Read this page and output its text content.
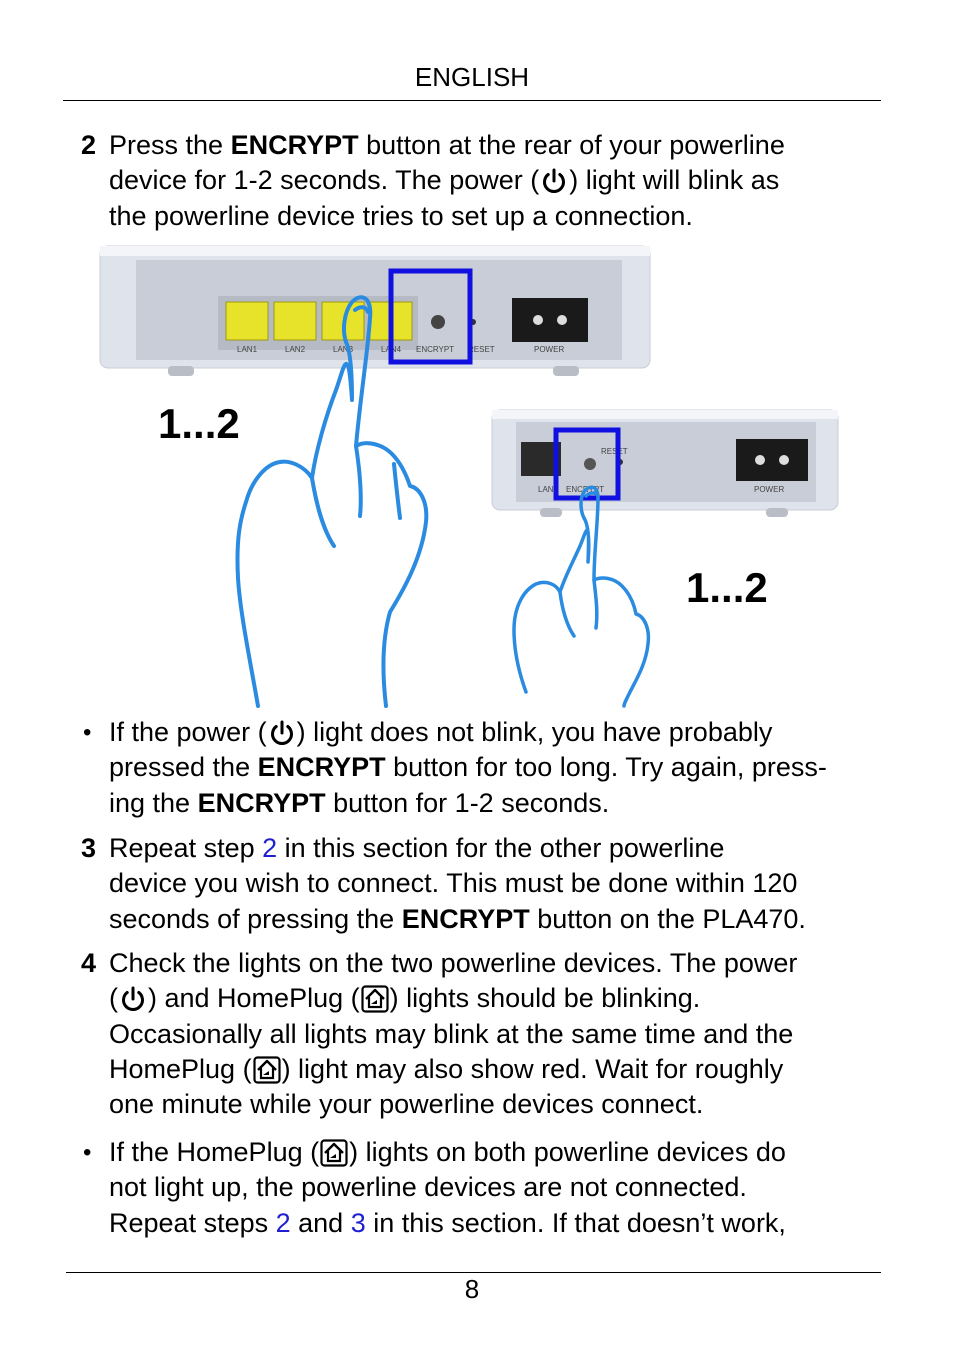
ENGLISH
2 Press the ENCRYPT button at the rear of your powerline
device for 1-2 seconds. The power ( ) light will blink as
the powerline device tries to set up a connection.
LAN1	LAN2	LAN3	LAN4 ENCRYPT RESET	POWER
LAN ENCRYPT
RESET
POWER
1...2
1...2
• If the power ( ) light does not blink, you have probably
pressed the ENCRYPT button for too long. Try again, press-
ing the ENCRYPT button for 1-2 seconds.
3 Repeat step 2 in this section for the other powerline
device you wish to connect. This must be done within 120
seconds of pressing the ENCRYPT button on the PLA470.
4 Check the lights on the two powerline devices. The power
( ) and HomePlug ( ) lights should be blinking.
Occasionally all lights may blink at the same time and the
HomePlug ( ) light may also show red. Wait for roughly
one minute while your powerline devices connect.
• If the HomePlug ( ) lights on both powerline devices do
not light up, the powerline devices are not connected.
Repeat steps 2 and 3 in this section. If that doesn’t work,
8
